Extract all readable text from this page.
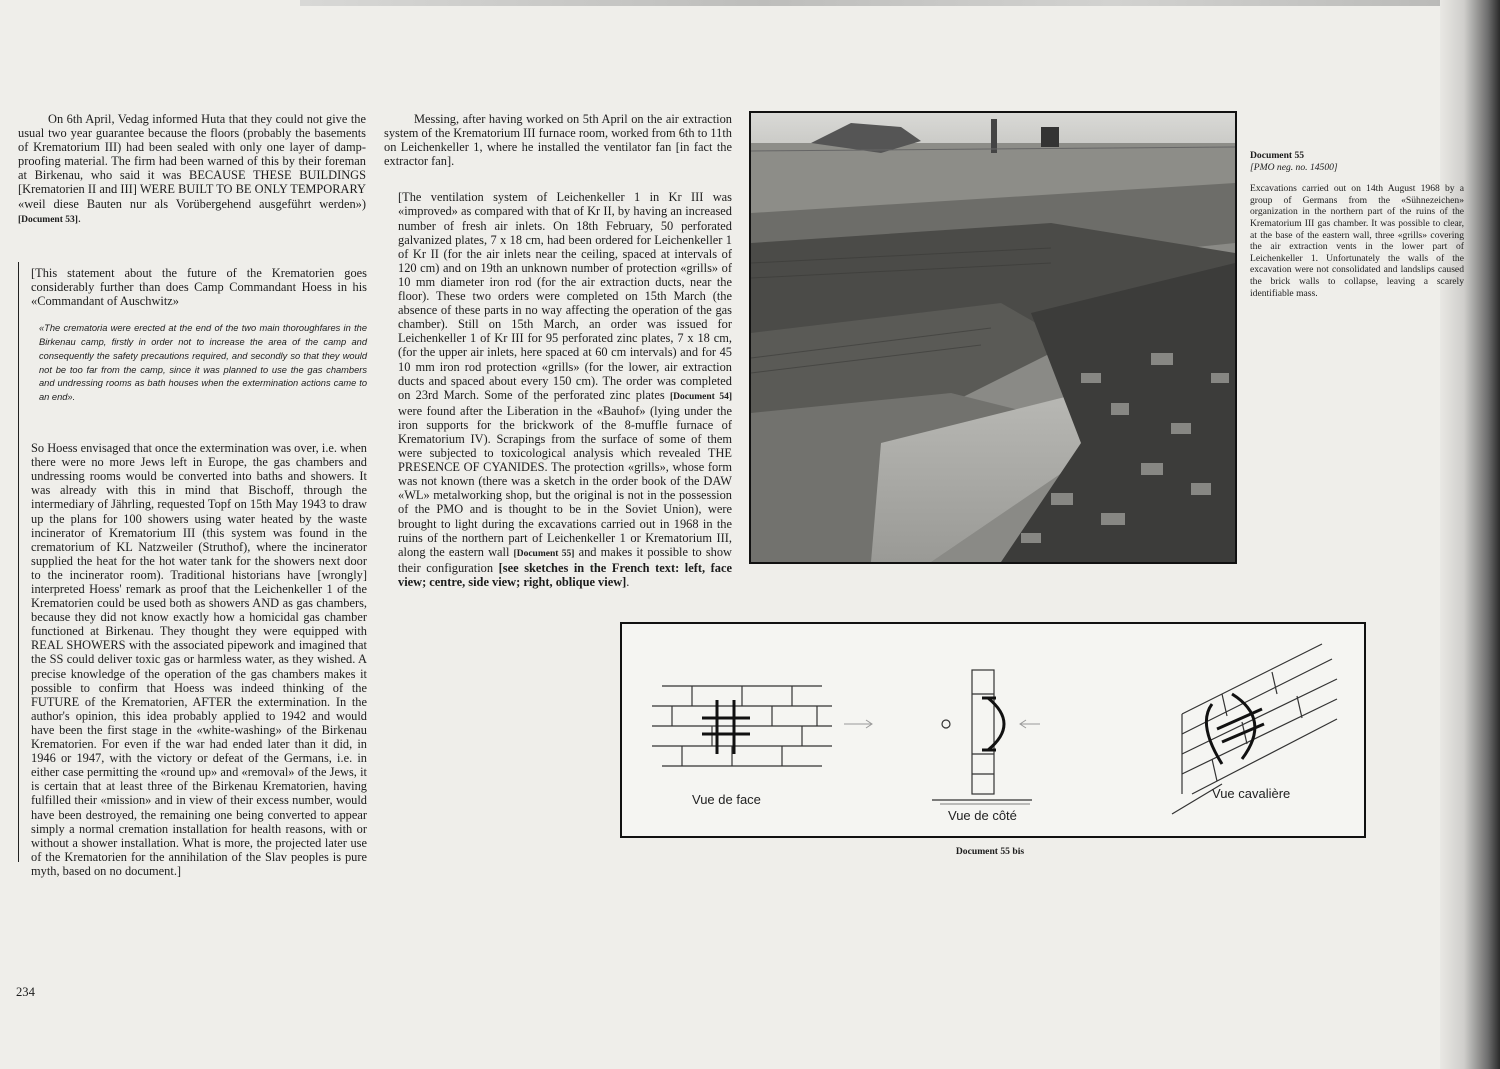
On 6th April, Vedag informed Huta that they could not give the usual two year guarantee because the floors (probably the basements of Krematorium III) had been sealed with only one layer of damp-proofing material. The firm had been warned of this by their foreman at Birkenau, who said it was BECAUSE THESE BUILDINGS [Krematorien II and III] WERE BUILT TO BE ONLY TEMPORARY «weil diese Bauten nur als Vorübergehend ausgeführt werden») [Document 53].

[This statement about the future of the Krematorien goes considerably further than does Camp Commandant Hoess in his «Commandant of Auschwitz»

«The crematoria were erected at the end of the two main thoroughfares in the Birkenau camp, firstly in order not to increase the area of the camp and consequently the safety precautions required, and secondly so that they would not be too far from the camp, since it was planned to use the gas chambers and undressing rooms as bath houses when the extermination actions came to an end».

So Hoess envisaged that once the extermination was over, i.e. when there were no more Jews left in Europe, the gas chambers and undressing rooms would be converted into baths and showers. It was already with this in mind that Bischoff, through the intermediary of Jährling, requested Topf on 15th May 1943 to draw up the plans for 100 showers using water heated by the waste incinerator of Krematorium III (this system was found in the crematorium of KL Natzweiler (Struthof), where the incinerator supplied the heat for the hot water tank for the showers next door to the incinerator room). Traditional historians have [wrongly] interpreted Hoess' remark as proof that the Leichenkeller 1 of the Krematorien could be used both as showers AND as gas chambers, because they did not know exactly how a homicidal gas chamber functioned at Birkenau. They thought they were equipped with REAL SHOWERS with the associated pipework and imagined that the SS could deliver toxic gas or harmless water, as they wished. A precise knowledge of the operation of the gas chambers makes it possible to confirm that Hoess was indeed thinking of the FUTURE of the Krematorien, AFTER the extermination. In the author's opinion, this idea probably applied to 1942 and would have been the first stage in the «white-washing» of the Birkenau Krematorien. For even if the war had ended later than it did, in 1946 or 1947, with the victory or defeat of the Germans, i.e. in either case permitting the «round up» and «removal» of the Jews, it is certain that at least three of the Birkenau Krematorien, having fulfilled their «mission» and in view of their excess number, would have been destroyed, the remaining one being converted to appear simply a normal cremation installation for health reasons, with or without a shower installation. What is more, the projected later use of the Krematorien for the annihilation of the Slav peoples is pure myth, based on no document.]

Messing, after having worked on 5th April on the air extraction system of the Krematorium III furnace room, worked from 6th to 11th on Leichenkeller 1, where he installed the ventilator fan [in fact the extractor fan].

[The ventilation system of Leichenkeller 1 in Kr III was «improved» as compared with that of Kr II, by having an increased number of fresh air inlets. On 18th February, 50 perforated galvanized plates, 7 x 18 cm, had been ordered for Leichenkeller 1 of Kr II (for the air inlets near the ceiling, spaced at intervals of 120 cm) and on 19th an unknown number of protection «grills» of 10 mm diameter iron rod (for the air extraction ducts, near the floor). These two orders were completed on 15th March (the absence of these parts in no way affecting the operation of the gas chamber). Still on 15th March, an order was issued for Leichenkeller 1 of Kr III for 95 perforated zinc plates, 7 x 18 cm, (for the upper air inlets, here spaced at 60 cm intervals) and for 45 10 mm iron rod protection «grills» (for the lower, air extraction ducts and spaced about every 150 cm). The order was completed on 23rd March. Some of the perforated zinc plates [Document 54] were found after the Liberation in the «Bauhof» (lying under the iron supports for the brickwork of the 8-muffle furnace of Krematorium IV). Scrapings from the surface of some of them were subjected to toxicological analysis which revealed THE PRESENCE OF CYANIDES. The protection «grills», whose form was not known (there was a sketch in the order book of the DAW «WL» metalworking shop, but the original is not in the possession of the PMO and is thought to be in the Soviet Union), were brought to light during the excavations carried out in 1968 in the ruins of the northern part of Leichenkeller 1 or Krematorium III, along the eastern wall [Document 55] and makes it possible to show their configuration [see sketches in the French text: left, face view; centre, side view; right, oblique view].

Document 55
[PMO neg. no. 14500]
Excavations carried out on 14th August 1968 by a group of Germans from the «Sühnezeichen» organization in the northern part of the ruins of the Krematorium III gas chamber. It was possible to clear, at the base of the eastern wall, three «grills» covering the air extraction vents in the lower part of Leichenkeller 1. Unfortunately the walls of the excavation were not consolidated and landslips caused the brick walls to collapse, leaving a scarely identifiable mass.
Vue de face
Vue de côté
Vue cavalière
Document 55 bis
234
